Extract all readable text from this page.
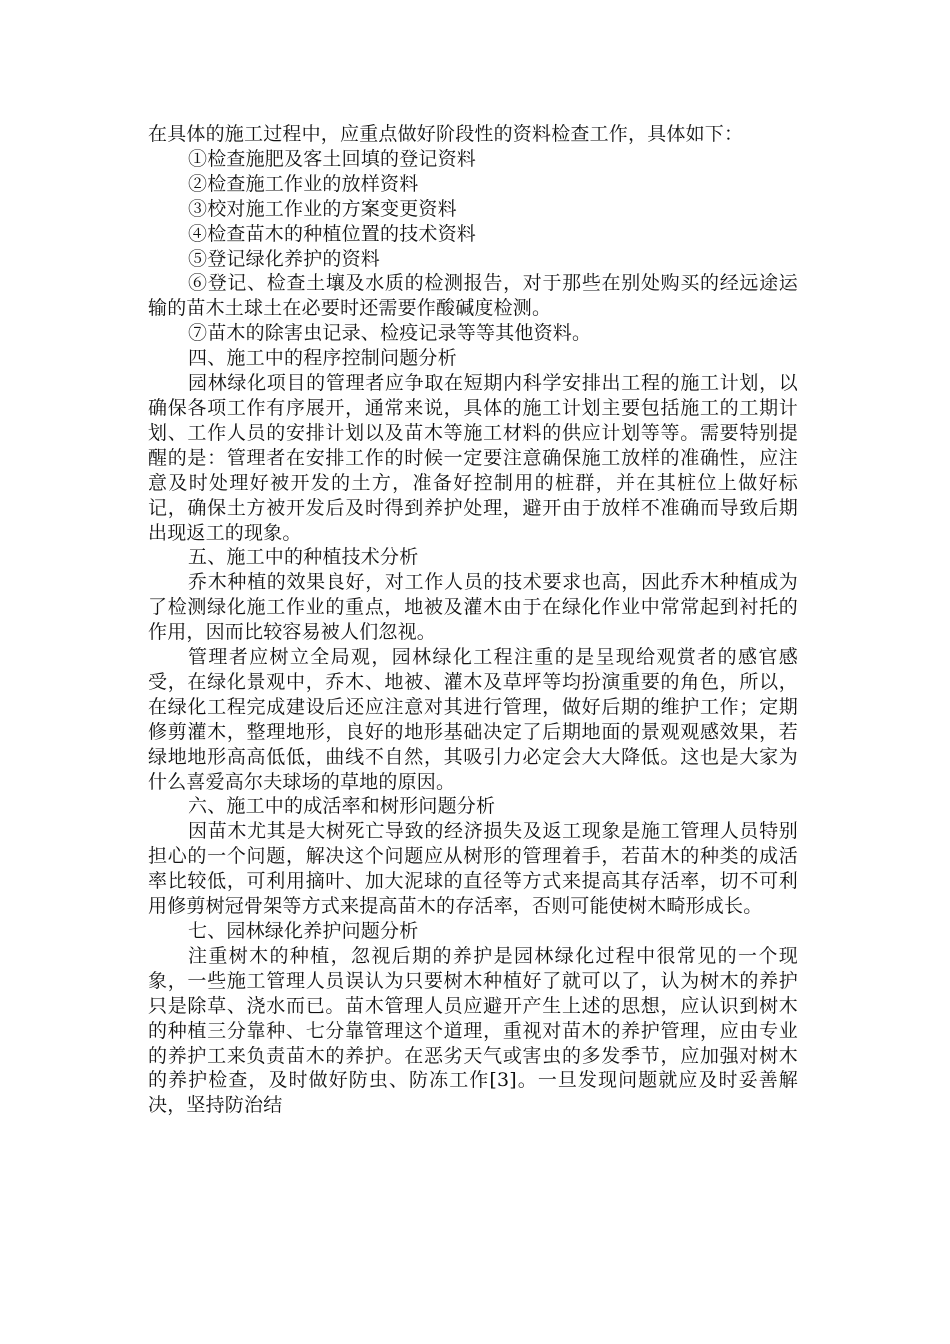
在具体的施工过程中，应重点做好阶段性的资料检查工作，具体如下：

①检查施肥及客土回填的登记资料

②检查施工作业的放样资料

③校对施工作业的方案变更资料

④检查苗木的种植位置的技术资料

⑤登记绿化养护的资料

⑥登记、检查土壤及水质的检测报告，对于那些在别处购买的经远途运输的苗木土球土在必要时还需要作酸碱度检测。

⑦苗木的除害虫记录、检疫记录等等其他资料。

四、施工中的程序控制问题分析

园林绿化项目的管理者应争取在短期内科学安排出工程的施工计划，以确保各项工作有序展开，通常来说，具体的施工计划主要包括施工的工期计划、工作人员的安排计划以及苗木等施工材料的供应计划等等。需要特别提醒的是：管理者在安排工作的时候一定要注意确保施工放样的准确性，应注意及时处理好被开发的土方，准备好控制用的桩群，并在其桩位上做好标记，确保土方被开发后及时得到养护处理，避开由于放样不准确而导致后期出现返工的现象。

五、施工中的种植技术分析

乔木种植的效果良好，对工作人员的技术要求也高，因此乔木种植成为了检测绿化施工作业的重点，地被及灌木由于在绿化作业中常常起到衬托的作用，因而比较容易被人们忽视。

管理者应树立全局观，园林绿化工程注重的是呈现给观赏者的感官感受，在绿化景观中，乔木、地被、灌木及草坪等均扮演重要的角色，所以，在绿化工程完成建设后还应注意对其进行管理，做好后期的维护工作；定期修剪灌木，整理地形，良好的地形基础决定了后期地面的景观观感效果，若绿地地形高高低低，曲线不自然，其吸引力必定会大大降低。这也是大家为什么喜爱高尔夫球场的草地的原因。

六、施工中的成活率和树形问题分析

因苗木尤其是大树死亡导致的经济损失及返工现象是施工管理人员特别担心的一个问题，解决这个问题应从树形的管理着手，若苗木的种类的成活率比较低，可利用摘叶、加大泥球的直径等方式来提高其存活率，切不可利用修剪树冠骨架等方式来提高苗木的存活率，否则可能使树木畸形成长。

七、园林绿化养护问题分析

注重树木的种植，忽视后期的养护是园林绿化过程中很常见的一个现象，一些施工管理人员误认为只要树木种植好了就可以了，认为树木的养护只是除草、浇水而已。苗木管理人员应避开产生上述的思想，应认识到树木的种植三分靠种、七分靠管理这个道理，重视对苗木的养护管理，应由专业的养护工来负责苗木的养护。在恶劣天气或害虫的多发季节，应加强对树木的养护检查，及时做好防虫、防冻工作[3]。一旦发现问题就应及时妥善解决，坚持防治结
